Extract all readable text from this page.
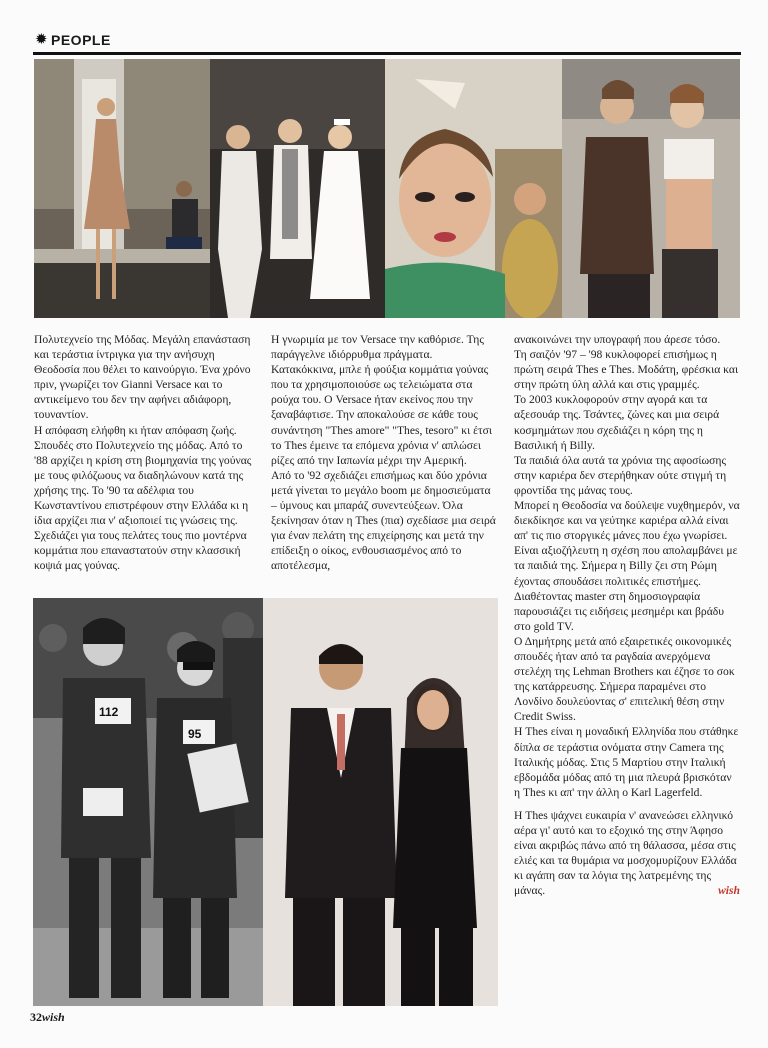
✹ PEOPLE

Πολυτεχνείο της Μόδας. Μεγάλη επανάσταση και τεράστια ίντριγκα για την ανήσυχη Θεοδοσία που θέλει το καινούργιο. Ένα χρόνο πριν, γνωρίζει τον Gianni Versace και το αντικείμενο του δεν την αφήνει αδιάφορη, τουναντίον.

Η απόφαση ελήφθη κι ήταν απόφαση ζωής. Σπουδές στο Πολυτεχνείο της μόδας. Από το '88 αρχίζει η κρίση στη βιομηχανία της γούνας με τους φιλόζωους να διαδηλώνουν κατά της χρήσης της. Το '90 τα αδέλφια του Κωνσταντίνου επιστρέφουν στην Ελλάδα κι η ίδια αρχίζει πια ν' αξιοποιεί τις γνώσεις της. Σχεδιάζει για τους πελάτες τους πιο μοντέρνα κομμάτια που επαναστατούν στην κλασσική κοψιά μας γούνας.

Η γνωριμία με τον Versace την καθόρισε. Της παράγγελνε ιδιόρρυθμα πράγματα. Κατακόκκινα, μπλε ή φούξια κομμάτια γούνας που τα χρησιμοποιούσε ως τελειώματα στα ρούχα του. Ο Versace ήταν εκείνος που την ξαναβάφτισε. Την αποκαλούσε σε κάθε τους συνάντηση "Thes amore" "Thes, tesoro" κι έτσι το Thes έμεινε τα επόμενα χρόνια ν' απλώσει ρίζες από την Ιαπωνία μέχρι την Αμερική.

Από το '92 σχεδιάζει επισήμως και δύο χρόνια μετά γίνεται το μεγάλο boom με δημοσιεύματα – ύμνους και μπαράζ συνεντεύξεων. Όλα ξεκίνησαν όταν η Thes (πια) σχεδίασε μια σειρά για έναν πελάτη της επιχείρησης και μετά την επίδειξη ο οίκος, ενθουσιασμένος από το αποτέλεσμα,

ανακοινώνει την υπογραφή που άρεσε τόσο.

Τη σαιζόν '97 – '98 κυκλοφορεί επισήμως η πρώτη σειρά Thes e Thes. Μοδάτη, φρέσκια και στην πρώτη ύλη αλλά και στις γραμμές.

Το 2003 κυκλοφορούν στην αγορά και τα αξεσουάρ της. Τσάντες, ζώνες και μια σειρά κοσμημάτων που σχεδιάζει η κόρη της η Βασιλική ή Billy.

Τα παιδιά όλα αυτά τα χρόνια της αφοσίωσης στην καριέρα δεν στερήθηκαν ούτε στιγμή τη φροντίδα της μάνας τους.

Μπορεί η Θεοδοσία να δούλεψε νυχθημερόν, να διεκδίκησε και να γεύτηκε καριέρα αλλά είναι απ' τις πιο στοργικές μάνες που έχω γνωρίσει. Είναι αξιοζήλευτη η σχέση που απολαμβάνει με τα παιδιά της. Σήμερα η Billy ζει στη Ρώμη έχοντας σπουδάσει πολιτικές επιστήμες.

Διαθέτοντας master στη δημοσιογραφία παρουσιάζει τις ειδήσεις μεσημέρι και βράδυ στο gold TV.

Ο Δημήτρης μετά από εξαιρετικές οικονομικές σπουδές ήταν από τα ραγδαία ανερχόμενα στελέχη της Lehman Brothers και έζησε το σοκ της κατάρρευσης. Σήμερα παραμένει στο Λονδίνο δουλεύοντας σ' επιτελική θέση στην Credit Swiss.

Η Thes είναι η μοναδική Ελληνίδα που στάθηκε δίπλα σε τεράστια ονόματα στην Camera της Ιταλικής μόδας. Στις 5 Μαρτίου στην Ιταλική εβδομάδα μόδας από τη μια πλευρά βρισκόταν η Thes κι απ' την άλλη ο Karl Lagerfeld.

Η Thes ψάχνει ευκαιρία ν' ανανεώσει ελληνικό αέρα γι' αυτό και το εξοχικό της στην Άφησο είναι ακριβώς πάνω από τη θάλασσα, μέσα στις ελιές και τα θυμάρια να μοσχομυρίζουν Ελλάδα κι αγάπη σαν τα λόγια της λατρεμένης της μάνας.	wish

112
95
32wish
